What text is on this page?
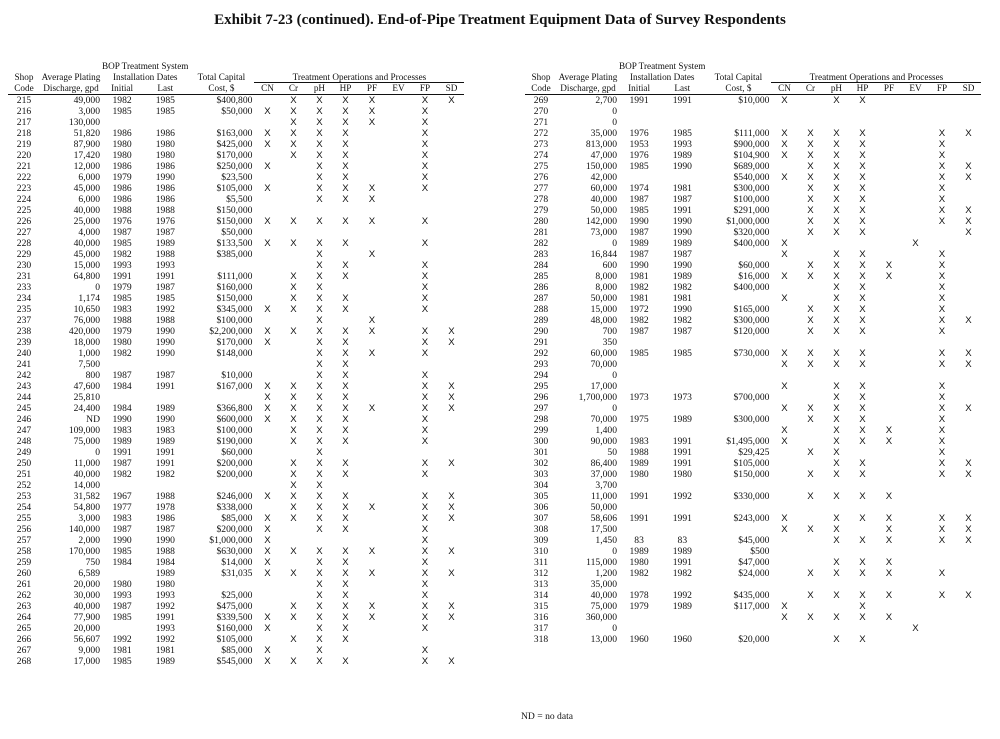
Exhibit 7-23 (continued). End-of-Pipe Treatment Equipment Data of Survey Respondents
		BOP Treatment System										
Shop	Average Plating	Installation Dates		Total Capital	Treatment Operations and Processes							
Code	Discharge, gpd	Initial	Last	Cost, $	CN	Cr	pH	HP	PF	EV	FP	SD
215	49,000	1982	1985	$400,800		X	X	X	X		X	X
216	3,000	1985	1985	$50,000	X	X	X	X	X		X	
217	130,000					X	X	X	X		X	
218	51,820	1986	1986	$163,000	X	X	X	X			X	
219	87,900	1980	1980	$425,000	X	X	X	X			X	
220	17,420	1980	1980	$170,000		X	X	X			X	
221	12,000	1986	1986	$250,000	X		X	X			X	
222	6,000	1979	1990	$23,500			X	X			X	
223	45,000	1986	1986	$105,000	X		X	X	X		X	
224	6,000	1986	1986	$5,500			X	X	X			
225	40,000	1988	1988	$150,000								
226	25,000	1976	1976	$150,000	X	X	X	X	X		X	
227	4,000	1987	1987	$50,000								
228	40,000	1985	1989	$133,500	X	X	X	X			X	
229	45,000	1982	1988	$385,000			X		X			
230	15,000	1993	1993				X	X			X	
231	64,800	1991	1991	$111,000		X	X	X			X	
233	0	1979	1987	$160,000		X	X				X	
234	1,174	1985	1985	$150,000		X	X	X			X	
235	10,650	1983	1992	$345,000	X	X	X	X			X	
237	76,000	1988	1988	$100,000			X		X			
238	420,000	1979	1990	$2,200,000	X	X	X	X	X		X	X
239	18,000	1980	1990	$170,000	X		X	X			X	X
240	1,000	1982	1990	$148,000			X	X	X		X	
241	7,500						X	X				
242	800	1987	1987	$10,000			X	X			X	
243	47,600	1984	1991	$167,000	X	X	X	X			X	X
244	25,810				X	X	X	X			X	X
245	24,400	1984	1989	$366,800	X	X	X	X	X		X	X
246	ND	1990	1990	$600,000	X	X	X	X			X	
247	109,000	1983	1983	$100,000		X	X	X			X	
248	75,000	1989	1989	$190,000		X	X	X			X	
249	0	1991	1991	$60,000			X					
250	11,000	1987	1991	$200,000		X	X	X			X	X
251	40,000	1982	1982	$200,000		X	X	X			X	
252	14,000					X	X					
253	31,582	1967	1988	$246,000	X	X	X	X			X	X
254	54,800	1977	1978	$338,000		X	X	X	X		X	X
255	3,000	1983	1986	$85,000	X	X	X	X			X	X
256	140,000	1987	1987	$200,000	X		X	X			X	
257	2,000	1990	1990	$1,000,000	X						X	
258	170,000	1985	1988	$630,000	X	X	X	X	X		X	X
259	750	1984	1984	$14,000	X		X	X			X	
260	6,589		1989	$31,035	X	X	X	X	X		X	X
261	20,000	1980	1980				X	X			X	
262	30,000	1993	1993	$25,000			X	X			X	
263	40,000	1987	1992	$475,000		X	X	X	X		X	X
264	77,900	1985	1991	$339,500	X	X	X	X	X		X	X
265	20,000		1993	$160,000	X		X	X			X	
266	56,607	1992	1992	$105,000		X	X	X				
267	9,000	1981	1981	$85,000	X		X				X	
268	17,000	1985	1989	$545,000	X	X	X	X			X	X
		BOP Treatment System										
Shop	Average Plating	Installation Dates		Total Capital	Treatment Operations and Processes							
Code	Discharge, gpd	Initial	Last	Cost, $	CN	Cr	pH	HP	PF	EV	FP	SD
269	2,700	1991	1991	$10,000	X		X	X				
270	0											
271	0											
272	35,000	1976	1985	$111,000	X	X	X	X			X	X
273	813,000	1953	1993	$900,000	X	X	X	X			X	
274	47,000	1976	1989	$104,900	X	X	X	X			X	
275	150,000	1985	1990	$689,000		X	X	X			X	X
276	42,000			$540,000	X	X	X	X			X	X
277	60,000	1974	1981	$300,000		X	X	X			X	
278	40,000	1987	1987	$100,000		X	X	X			X	
279	50,000	1985	1991	$291,000		X	X	X			X	X
280	142,000	1990	1990	$1,000,000		X	X	X			X	X
281	73,000	1987	1990	$320,000		X	X	X				X
282	0	1989	1989	$400,000	X					X		
283	16,844	1987	1987		X		X	X			X	
284	600	1990	1990	$60,000		X	X	X	X		X	
285	8,000	1981	1989	$16,000	X	X	X	X	X		X	
286	8,000	1982	1982	$400,000			X	X			X	
287	50,000	1981	1981		X		X	X			X	
288	15,000	1972	1990	$165,000		X	X	X			X	
289	48,000	1982	1982	$300,000		X	X	X			X	X
290	700	1987	1987	$120,000		X	X	X			X	
291	350											
292	60,000	1985	1985	$730,000	X	X	X	X			X	X
293	70,000				X	X	X	X			X	X
294	0											
295	17,000				X		X	X			X	
296	1,700,000	1973	1973	$700,000			X	X			X	
297	0				X	X	X	X			X	X
298	70,000	1975	1989	$300,000		X	X	X			X	
299	1,400				X		X	X	X		X	
300	90,000	1983	1991	$1,495,000	X		X	X	X		X	
301	50	1988	1991	$29,425		X	X				X	
302	86,400	1989	1991	$105,000			X	X			X	X
303	37,000	1980	1980	$150,000		X	X	X			X	X
304	3,700											
305	11,000	1991	1992	$330,000		X	X	X	X			
306	50,000											
307	58,606	1991	1991	$243,000	X		X	X	X		X	X
308	17,500				X	X	X		X		X	X
309	1,450	83	83	$45,000			X	X	X		X	X
310	0	1989	1989	$500								
311	115,000	1980	1991	$47,000			X	X	X			
312	1,200	1982	1982	$24,000		X	X	X	X		X	
313	35,000											
314	40,000	1978	1992	$435,000		X	X	X	X		X	X
315	75,000	1979	1989	$117,000	X			X				
316	360,000				X	X	X	X	X			
317	0									X		
318	13,000	1960	1960	$20,000			X	X				
ND = no data
